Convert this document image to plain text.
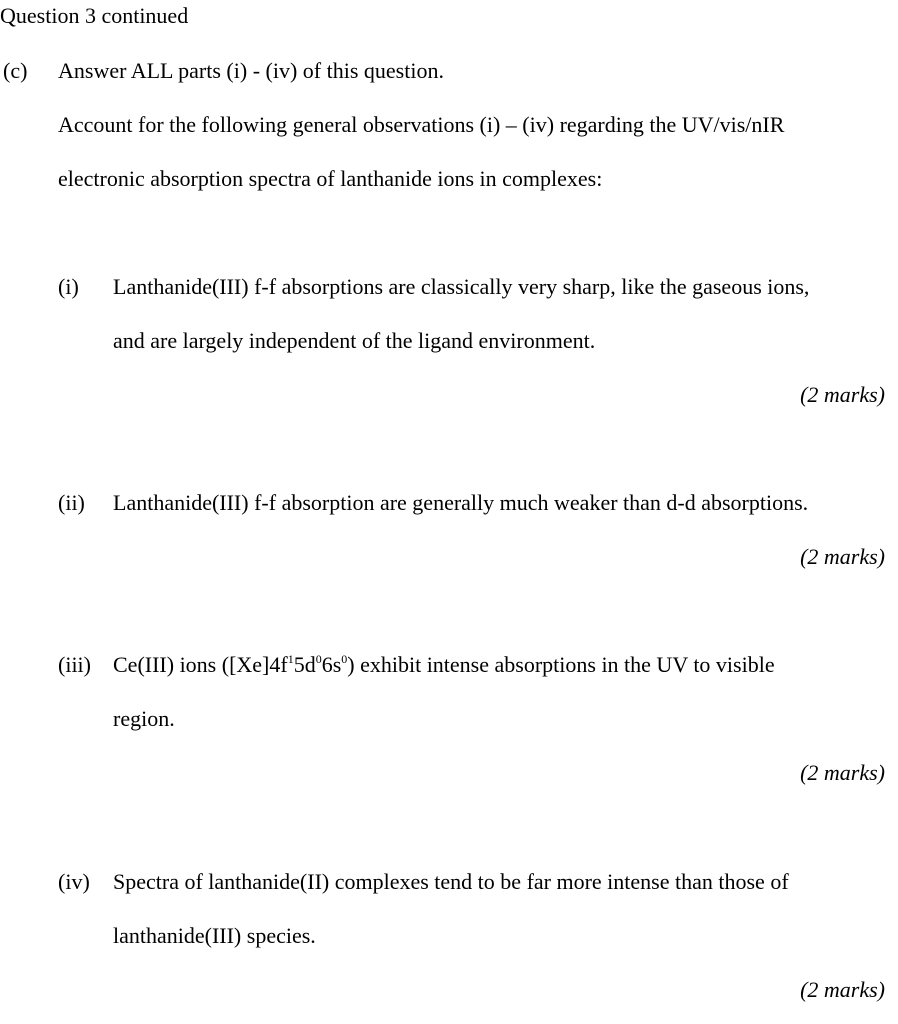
Question 3 continued
(c) Answer ALL parts (i) - (iv) of this question.
Account for the following general observations (i) – (iv) regarding the UV/vis/nIR
electronic absorption spectra of lanthanide ions in complexes:
(i) Lanthanide(III) f-f absorptions are classically very sharp, like the gaseous ions,
and are largely independent of the ligand environment.
(2 marks)
(ii) Lanthanide(III) f-f absorption are generally much weaker than d-d absorptions.
(2 marks)
(iii) Ce(III) ions $([Xe]4f^15d^06s^0)$ exhibit intense absorptions in the UV to visible
region.
(2 marks)
(iv) Spectra of lanthanide(II) complexes tend to be far more intense than those of
lanthanide(III) species.
(2 marks)
